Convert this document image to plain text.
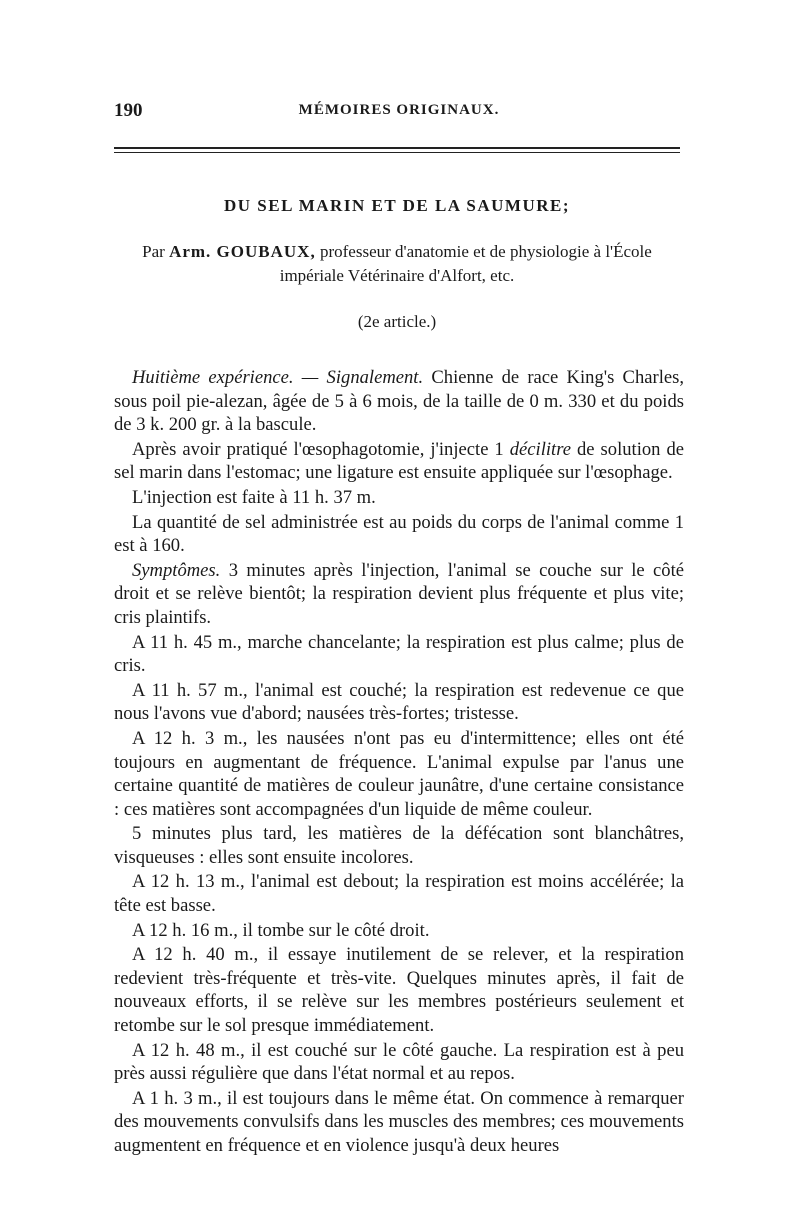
190	MÉMOIRES ORIGINAUX.
DU SEL MARIN ET DE LA SAUMURE;
Par Arm. GOUBAUX, professeur d'anatomie et de physiologie à l'École impériale Vétérinaire d'Alfort, etc.
(2e article.)

Huitième expérience. — Signalement. Chienne de race King's Charles, sous poil pie-alezan, âgée de 5 à 6 mois, de la taille de 0 m. 330 et du poids de 3 k. 200 gr. à la bascule.

Après avoir pratiqué l'œsophagotomie, j'injecte 1 décilitre de solution de sel marin dans l'estomac; une ligature est ensuite appliquée sur l'œsophage.

L'injection est faite à 11 h. 37 m.

La quantité de sel administrée est au poids du corps de l'animal comme 1 est à 160.

Symptômes. 3 minutes après l'injection, l'animal se couche sur le côté droit et se relève bientôt; la respiration devient plus fréquente et plus vite; cris plaintifs.

A 11 h. 45 m., marche chancelante; la respiration est plus calme; plus de cris.

A 11 h. 57 m., l'animal est couché; la respiration est redevenue ce que nous l'avons vue d'abord; nausées très-fortes; tristesse.

A 12 h. 3 m., les nausées n'ont pas eu d'intermittence; elles ont été toujours en augmentant de fréquence. L'animal expulse par l'anus une certaine quantité de matières de couleur jaunâtre, d'une certaine consistance : ces matières sont accompagnées d'un liquide de même couleur.

5 minutes plus tard, les matières de la défécation sont blanchâtres, visqueuses : elles sont ensuite incolores.

A 12 h. 13 m., l'animal est debout; la respiration est moins accélérée; la tête est basse.

A 12 h. 16 m., il tombe sur le côté droit.

A 12 h. 40 m., il essaye inutilement de se relever, et la respiration redevient très-fréquente et très-vite. Quelques minutes après, il fait de nouveaux efforts, il se relève sur les membres postérieurs seulement et retombe sur le sol presque immédiatement.

A 12 h. 48 m., il est couché sur le côté gauche. La respiration est à peu près aussi régulière que dans l'état normal et au repos.

A 1 h. 3 m., il est toujours dans le même état. On commence à remarquer des mouvements convulsifs dans les muscles des membres; ces mouvements augmentent en fréquence et en violence jusqu'à deux heures
